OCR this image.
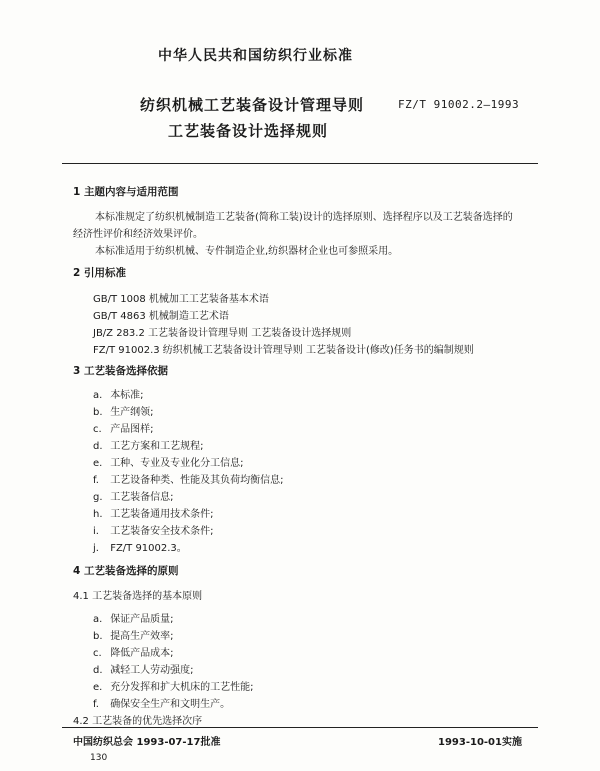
中华人民共和国纺织行业标准
纺织机械工艺装备设计管理导则
工艺装备设计选择规则
FZ/T 91002.2—1993
1 主题内容与适用范围
本标准规定了纺织机械制造工艺装备(简称工装)设计的选择原则、选择程序以及工艺装备选择的
经济性评价和经济效果评价。
本标准适用于纺织机械、专件制造企业,纺织器材企业也可参照采用。
2 引用标准
GB/T 1008 机械加工工艺装备基本术语
GB/T 4863 机械制造工艺术语
JB/Z 283.2 工艺装备设计管理导则 工艺装备设计选择规则
FZ/T 91002.3 纺织机械工艺装备设计管理导则 工艺装备设计(修改)任务书的编制规则
3 工艺装备选择依据
a. 本标准;
b. 生产纲领;
c. 产品图样;
d. 工艺方案和工艺规程;
e. 工种、专业及专业化分工信息;
f. 工艺设备种类、性能及其负荷均衡信息;
g. 工艺装备信息;
h. 工艺装备通用技术条件;
i. 工艺装备安全技术条件;
j. FZ/T 91002.3。
4 工艺装备选择的原则
4.1 工艺装备选择的基本原则
a. 保证产品质量;
b. 提高生产效率;
c. 降低产品成本;
d. 减轻工人劳动强度;
e. 充分发挥和扩大机床的工艺性能;
f. 确保安全生产和文明生产。
4.2 工艺装备的优先选择次序
中国纺织总会 1993-07-17批准	1993-10-01实施
130
